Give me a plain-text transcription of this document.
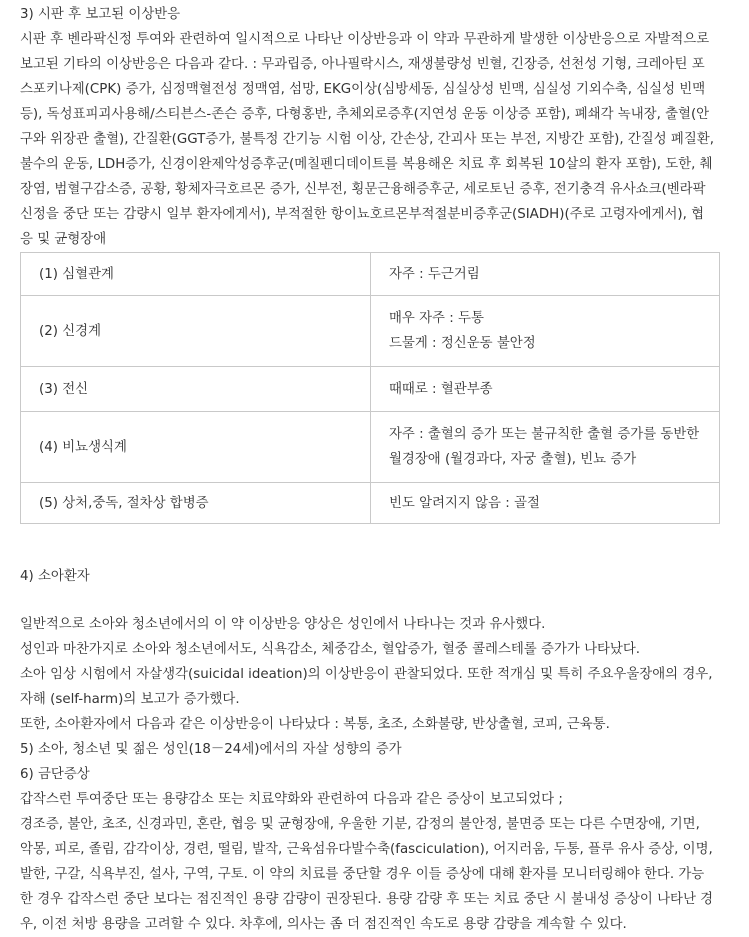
3) 시판 후 보고된 이상반응

시판 후 벤라팍신정 투여와 관련하여 일시적으로 나타난 이상반응과 이 약과 무관하게 발생한 이상반응으로 자발적으로
보고된 기타의 이상반응은 다음과 같다. : 무과립증, 아나필락시스, 재생불량성 빈혈, 긴장증, 선천성 기형, 크레아틴 포
스포키나제(CPK) 증가, 심정맥혈전성 정맥염, 섬망, EKG이상(심방세동, 심실상성 빈맥, 심실성 기외수축, 심실성 빈맥
등), 독성표피괴사용해/스티븐스-존슨 증후, 다형홍반, 추체외로증후(지연성 운동 이상증 포함), 폐쇄각 녹내장, 출혈(안
구와 위장관 출혈), 간질환(GGT증가, 불특정 간기능 시험 이상, 간손상, 간괴사 또는 부전, 지방간 포함), 간질성 폐질환,
불수의 운동, LDH증가, 신경이완제악성증후군(메칠펜디데이트를 복용해온 치료 후 회복된 10살의 환자 포함), 도한, 췌
장염, 범혈구감소증, 공황, 황체자극호르몬 증가, 신부전, 횡문근융해증후군, 세로토닌 증후, 전기충격 유사쇼크(벤라팍
신정을 중단 또는 감량시 일부 환자에게서), 부적절한 항이뇨호르몬부적절분비증후군(SIADH)(주로 고령자에게서), 협
응 및 균형장애
(1) 심혈관계	자주 : 두근거림

(2) 신경계	매우 자주 : 두통
드물게 : 정신운동 불안정

(3) 전신	때때로 : 혈관부종

(4) 비뇨생식계	자주 : 출혈의 증가 또는 불규칙한 출혈 증가를 동반한
월경장애 (월경과다, 자궁 출혈), 빈뇨 증가

(5) 상처,중독, 절차상 합병증	빈도 알려지지 않음 : 골절

4) 소아환자

일반적으로 소아와 청소년에서의 이 약 이상반응 양상은 성인에서 나타나는 것과 유사했다.
성인과 마찬가지로 소아와 청소년에서도, 식욕감소, 체중감소, 혈압증가, 혈중 콜레스테롤 증가가 나타났다.
소아 임상 시험에서 자살생각(suicidal ideation)의 이상반응이 관찰되었다. 또한 적개심 및 특히 주요우울장애의 경우,
자해 (self-harm)의 보고가 증가했다.
또한, 소아환자에서 다음과 같은 이상반응이 나타났다 : 복통, 초조, 소화불량, 반상출혈, 코피, 근육통.
5) 소아, 청소년 및 젊은 성인(18－24세)에서의 자살 성향의 증가
6) 금단증상
갑작스런 투여중단 또는 용량감소 또는 치료약화와 관련하여 다음과 같은 증상이 보고되었다 ;
경조증, 불안, 초조, 신경과민, 혼란, 협응 및 균형장애, 우울한 기분, 감정의 불안정, 불면증 또는 다른 수면장애, 기면,
악몽, 피로, 졸림, 감각이상, 경련, 떨림, 발작, 근육섬유다발수축(fasciculation), 어지러움, 두통, 플루 유사 증상, 이명,
발한, 구갈, 식욕부진, 설사, 구역, 구토. 이 약의 치료를 중단할 경우 이들 증상에 대해 환자를 모니터링해야 한다. 가능
한 경우 갑작스런 중단 보다는 점진적인 용량 감량이 권장된다. 용량 감량 후 또는 치료 중단 시 불내성 증상이 나타난 경
우, 이전 처방 용량을 고려할 수 있다. 차후에, 의사는 좀 더 점진적인 속도로 용량 감량을 계속할 수 있다.
